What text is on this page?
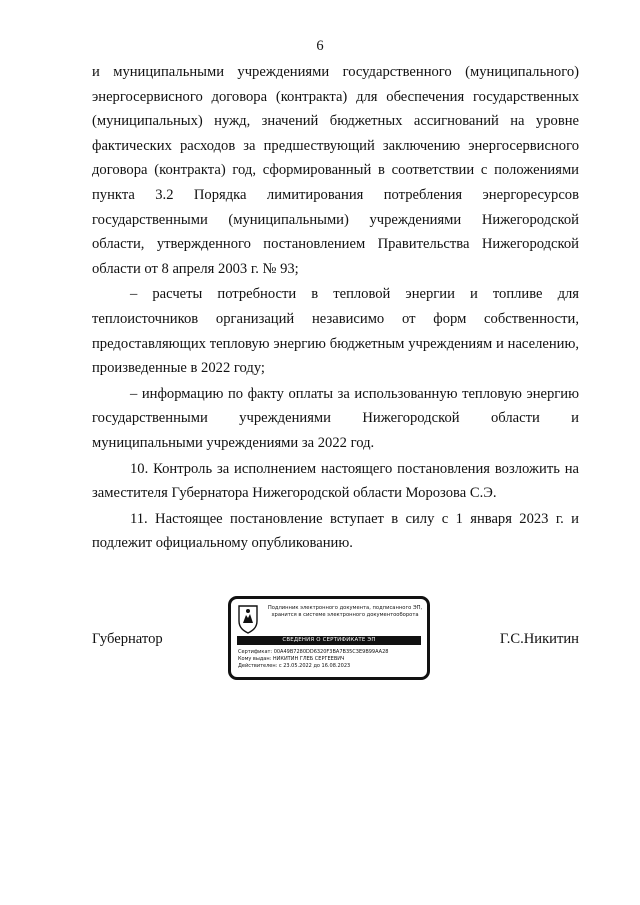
6

и муниципальными учреждениями государственного (муниципального) энергосервисного договора (контракта) для обеспечения государственных (муниципальных) нужд, значений бюджетных ассигнований на уровне фактических расходов за предшествующий заключению энергосервисного договора (контракта) год, сформированный в соответствии с положениями пункта 3.2 Порядка лимитирования потребления энергоресурсов государственными (муниципальными) учреждениями Нижегородской области, утвержденного постановлением Правительства Нижегородской области от 8 апреля 2003 г. № 93;

– расчеты потребности в тепловой энергии и топливе для теплоисточников организаций независимо от форм собственности, предоставляющих тепловую энергию бюджетным учреждениям и населению, произведенные в 2022 году;

– информацию по факту оплаты за использованную тепловую энергию государственными учреждениями Нижегородской области и муниципальными учреждениями за 2022 год.

10. Контроль за исполнением настоящего постановления возложить на заместителя Губернатора Нижегородской области Морозова С.Э.

11. Настоящее постановление вступает в силу с 1 января 2023 г. и подлежит официальному опубликованию.

Губернатор	Г.С.Никитин
Подлинник электронного документа, подписанного ЭП, хранится в системе электронного документооборота
СВЕДЕНИЯ О СЕРТИФИКАТЕ ЭП
Сертификат: 00A49B7280DD6320F3BA7B35C3E9B99AA28
Кому выдан: НИКИТИН ГЛЕБ СЕРГЕЕВИЧ
Действителен: с 23.05.2022 до 16.08.2023
